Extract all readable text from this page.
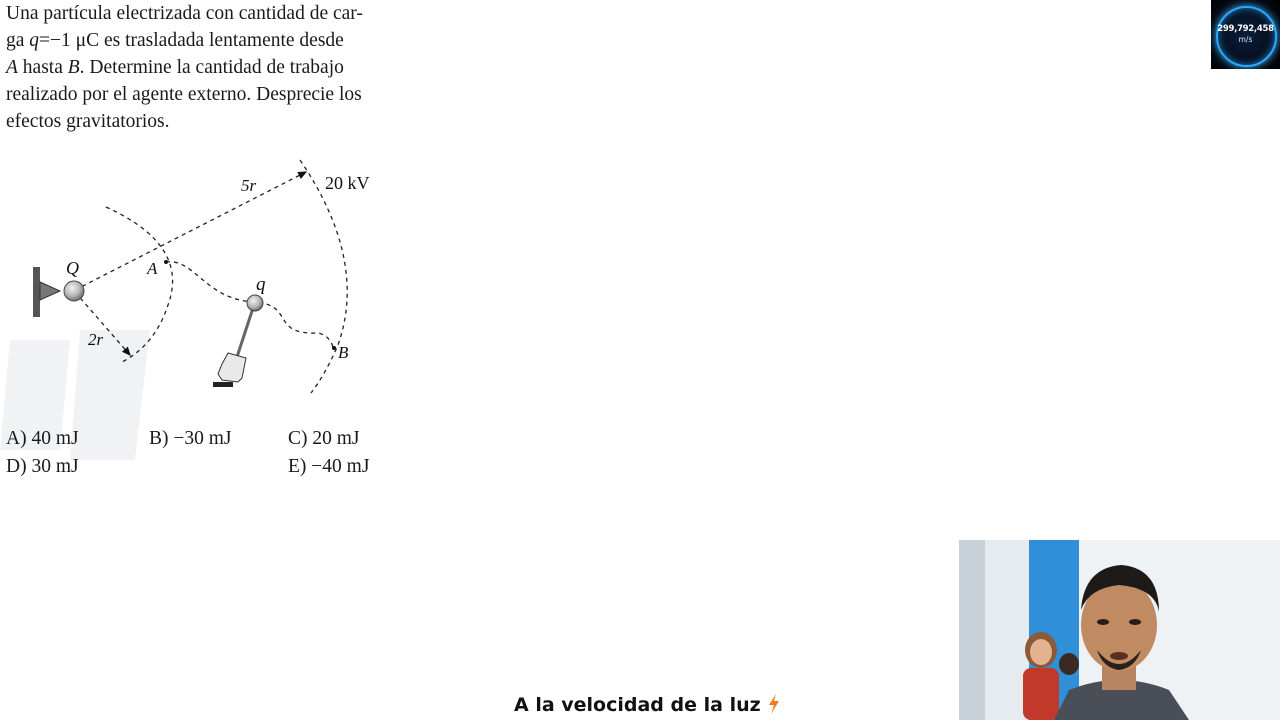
Una partícula electrizada con cantidad de car-
ga q=−1 μC es trasladada lentamente desde
A hasta B. Determine la cantidad de trabajo
realizado por el agente externo. Desprecie los
efectos gravitatorios.
Q	A
q
B
5r
2r
20 kV
A) 40 mJ	B) −30 mJ	C) 20 mJ
D) 30 mJ	E) −40 mJ
299,792,458
m/s
A la velocidad de la luz
